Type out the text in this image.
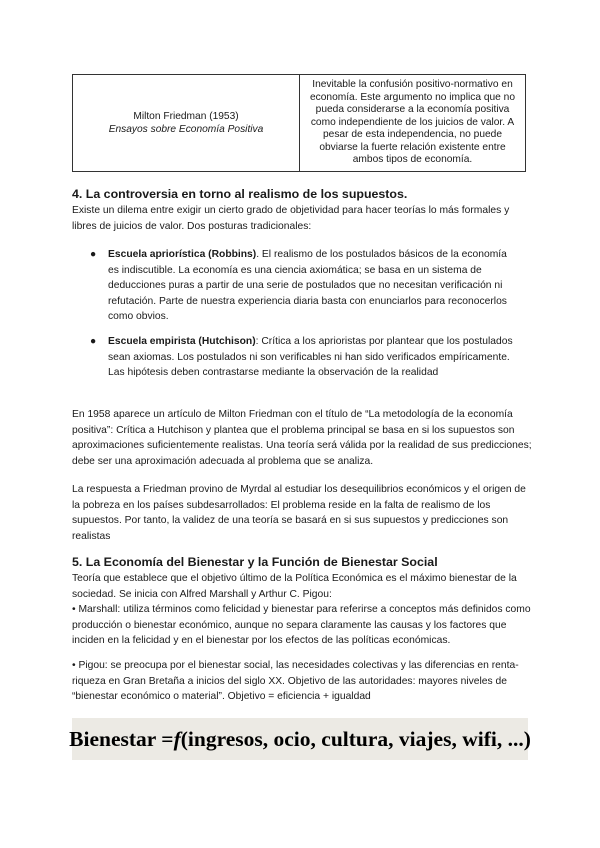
Milton Friedman (1953)
Ensayos sobre Economía Positiva
Inevitable la confusión positivo-normativo en economía. Este argumento no implica que no pueda considerarse a la economía positiva como independiente de los juicios de valor. A pesar de esta independencia, no puede obviarse la fuerte relación existente entre ambos tipos de economía.
4. La controversia en torno al realismo de los supuestos.

Existe un dilema entre exigir un cierto grado de objetividad para hacer teorías lo más formales y libres de juicios de valor. Dos posturas tradicionales:

● Escuela apriorística (Robbins). El realismo de los postulados básicos de la economía es indiscutible. La economía es una ciencia axiomática; se basa en un sistema de deducciones puras a partir de una serie de postulados que no necesitan verificación ni refutación. Parte de nuestra experiencia diaria basta con enunciarlos para reconocerlos como obvios.
● Escuela empirista (Hutchison): Crítica a los aprioristas por plantear que los postulados sean axiomas. Los postulados ni son verificables ni han sido verificados empíricamente. Las hipótesis deben contrastarse mediante la observación de la realidad

En 1958 aparece un artículo de Milton Friedman con el título de “La metodología de la economía positiva”: Crítica a Hutchison y plantea que el problema principal se basa en si los supuestos son aproximaciones suficientemente realistas. Una teoría será válida por la realidad de sus predicciones; debe ser una aproximación adecuada al problema que se analiza.

La respuesta a Friedman provino de Myrdal al estudiar los desequilibrios económicos y el origen de la pobreza en los países subdesarrollados: El problema reside en la falta de realismo de los supuestos. Por tanto, la validez de una teoría se basará en si sus supuestos y predicciones son realistas

5. La Economía del Bienestar y la Función de Bienestar Social

Teoría que establece que el objetivo último de la Política Económica es el máximo bienestar de la sociedad. Se inicia con Alfred Marshall y Arthur C. Pigou:

• Marshall: utiliza términos como felicidad y bienestar para referirse a conceptos más definidos como producción o bienestar económico, aunque no separa claramente las causas y los factores que inciden en la felicidad y en el bienestar por los efectos de las políticas económicas.

• Pigou: se preocupa por el bienestar social, las necesidades colectivas y las diferencias en renta-riqueza en Gran Bretaña a inicios del siglo XX. Objetivo de las autoridades: mayores niveles de “bienestar económico o material”. Objetivo = eficiencia + igualdad

Bienestar = f (ingresos, ocio, cultura, viajes, wifi, ...)
